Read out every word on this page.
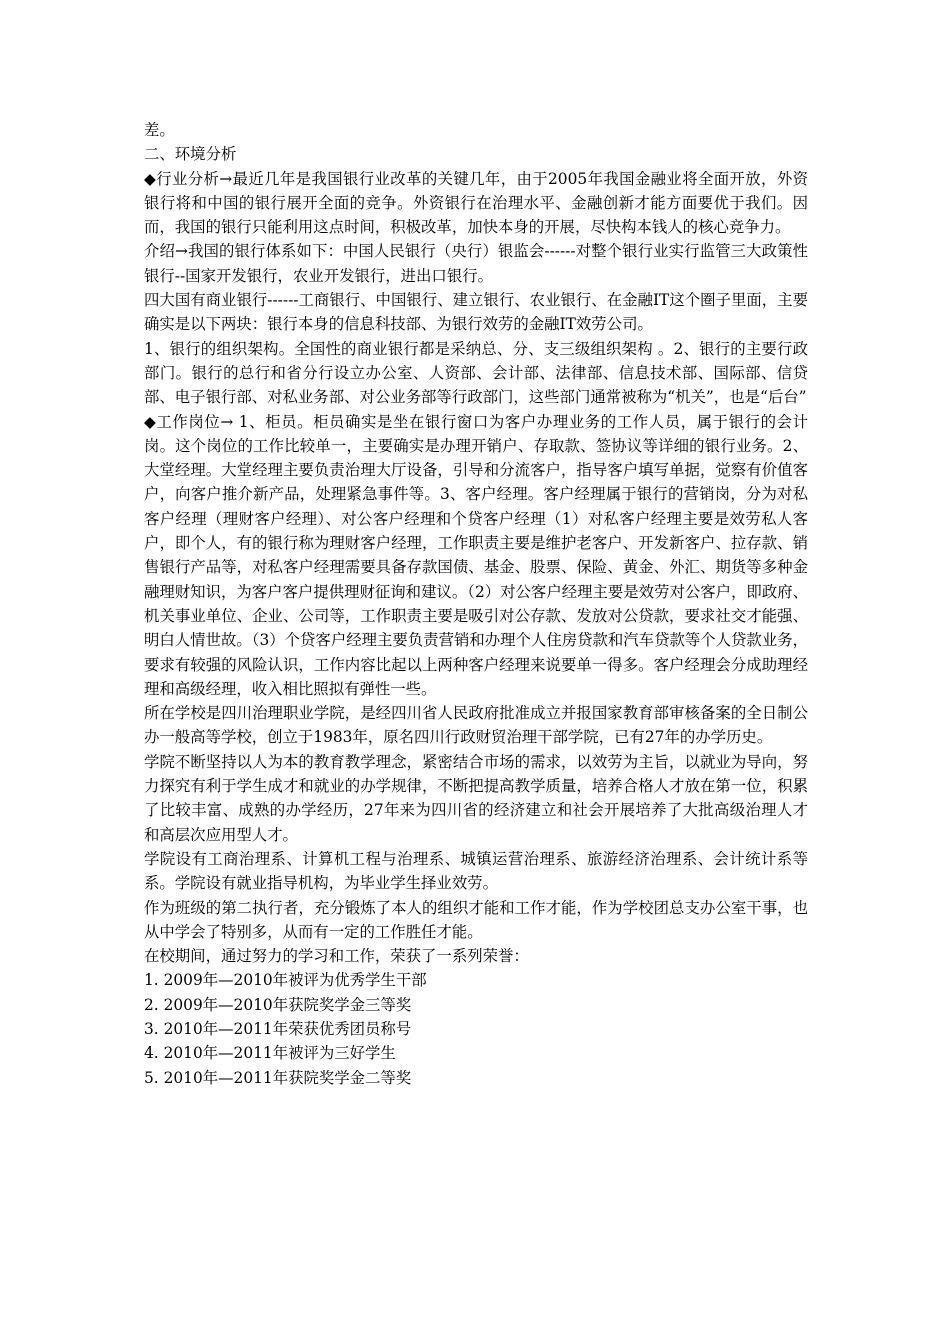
差。

二、环境分析

◆行业分析→最近几年是我国银行业改革的关键几年，由于2005年我国金融业将全面开放，外资银行将和中国的银行展开全面的竞争。外资银行在治理水平、金融创新才能方面要优于我们。因而，我国的银行只能利用这点时间，积极改革，加快本身的开展，尽快构本钱人的核心竞争力。

介绍→我国的银行体系如下：中国人民银行（央行）银监会------对整个银行业实行监管三大政策性银行--国家开发银行，农业开发银行，进出口银行。

四大国有商业银行------工商银行、中国银行、建立银行、农业银行、在金融IT这个圈子里面，主要确实是以下两块：银行本身的信息科技部、为银行效劳的金融IT效劳公司。

1、银行的组织架构。全国性的商业银行都是采纳总、分、支三级组织架构 。2、银行的主要行政部门。银行的总行和省分行设立办公室、人资部、会计部、法律部、信息技术部、国际部、信贷部、电子银行部、对私业务部、对公业务部等行政部门，这些部门通常被称为“机关”，也是“后台”

◆工作岗位→ 1、柜员。柜员确实是坐在银行窗口为客户办理业务的工作人员，属于银行的会计岗。这个岗位的工作比较单一，主要确实是办理开销户、存取款、签协议等详细的银行业务。2、大堂经理。大堂经理主要负责治理大厅设备，引导和分流客户，指导客户填写单据，觉察有价值客户，向客户推介新产品，处理紧急事件等。3、客户经理。客户经理属于银行的营销岗，分为对私客户经理（理财客户经理）、对公客户经理和个贷客户经理（1）对私客户经理主要是效劳私人客户，即个人，有的银行称为理财客户经理，工作职责主要是维护老客户、开发新客户、拉存款、销售银行产品等，对私客户经理需要具备存款国债、基金、股票、保险、黄金、外汇、期货等多种金融理财知识，为客户客户提供理财征询和建议。（2）对公客户经理主要是效劳对公客户，即政府、机关事业单位、企业、公司等，工作职责主要是吸引对公存款、发放对公贷款，要求社交才能强、明白人情世故。（3）个贷客户经理主要负责营销和办理个人住房贷款和汽车贷款等个人贷款业务，要求有较强的风险认识，工作内容比起以上两种客户经理来说要单一得多。客户经理会分成助理经理和高级经理，收入相比照拟有弹性一些。

所在学校是四川治理职业学院，是经四川省人民政府批准成立并报国家教育部审核备案的全日制公办一般高等学校，创立于1983年，原名四川行政财贸治理干部学院，已有27年的办学历史。

学院不断坚持以人为本的教育教学理念，紧密结合市场的需求，以效劳为主旨，以就业为导向，努力探究有利于学生成才和就业的办学规律，不断把提高教学质量，培养合格人才放在第一位，积累了比较丰富、成熟的办学经历，27年来为四川省的经济建立和社会开展培养了大批高级治理人才和高层次应用型人才。

学院设有工商治理系、计算机工程与治理系、城镇运营治理系、旅游经济治理系、会计统计系等系。学院设有就业指导机构，为毕业学生择业效劳。

作为班级的第二执行者，充分锻炼了本人的组织才能和工作才能，作为学校团总支办公室干事，也从中学会了特别多，从而有一定的工作胜任才能。

在校期间，通过努力的学习和工作，荣获了一系列荣誉：

1. 2009年—2010年被评为优秀学生干部

2. 2009年—2010年获院奖学金三等奖

3. 2010年—2011年荣获优秀团员称号

4. 2010年—2011年被评为三好学生

5. 2010年—2011年获院奖学金二等奖
